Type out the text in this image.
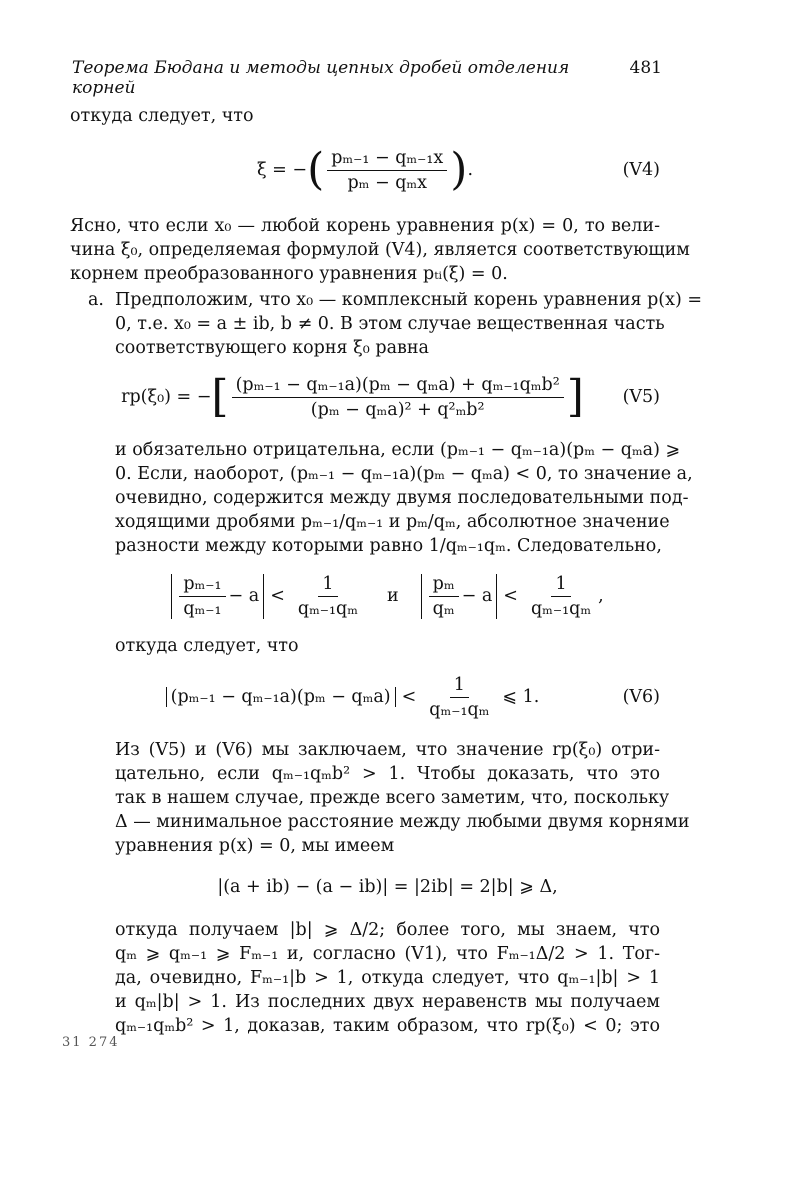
Теорема Бюдана и методы цепных дробей отделения корней
481
откуда следует, что
ξ = − ( $\frac{\text{pₘ₋₁ − qₘ₋₁x}}{\text{pₘ − qₘx}}$ ) .	(V4)
Ясно, что если x₀ — любой корень уравнения p(x) = 0, то вели-
чина ξ₀, определяемая формулой (V4), является соответствующим
корнем преобразованного уравнения pₜᵢ(ξ) = 0.
a. Предположим, что x₀ — комплексный корень уравнения p(x) =
0, т.е. x₀ = a ± ib, b ≠ 0. В этом случае вещественная часть
соответствующего корня ξ₀ равна
rp(ξ₀) = − [ $\frac{\text{(pₘ₋₁ − qₘ₋₁a)(pₘ − qₘa) + qₘ₋₁qₘb²}}{\text{(pₘ − qₘa)² + q²ₘb²}}$ ] (V5)
и обязательно отрицательна, если (pₘ₋₁ − qₘ₋₁a)(pₘ − qₘa) ⩾
0. Если, наоборот, (pₘ₋₁ − qₘ₋₁a)(pₘ − qₘa) < 0, то значение a,
очевидно, содержится между двумя последовательными под-
ходящими дробями pₘ₋₁/qₘ₋₁ и pₘ/qₘ, абсолютное значение
разности между которыми равно 1/qₘ₋₁qₘ. Следовательно,
$\frac{\text{pₘ₋₁}}{\text{qₘ₋₁}} - a < \frac{1}{\text{qₘ₋₁qₘ}}$ и $\frac{\text{pₘ}}{\text{qₘ}} - a < \frac{1}{\text{qₘ₋₁qₘ}}$ ,
откуда следует, что
$(p_{m-1} - q_{m-1}a)(p_m - q_ma) < \frac{1}{\text{qₘ₋₁qₘ}}$ ⩽ 1.	(V6)
Из (V5) и (V6) мы заключаем, что значение rp(ξ₀) отри-
цательно, если qₘ₋₁qₘb² > 1. Чтобы доказать, что это
так в нашем случае, прежде всего заметим, что, поскольку
Δ — минимальное расстояние между любыми двумя корнями
уравнения p(x) = 0, мы имеем
|(a + ib) − (a − ib)| = |2ib| = 2|b| ⩾ Δ,
откуда получаем |b| ⩾ Δ/2; более того, мы знаем, что
qₘ ⩾ qₘ₋₁ ⩾ Fₘ₋₁ и, согласно (V1), что Fₘ₋₁Δ/2 > 1. Тог-
да, очевидно, Fₘ₋₁|b > 1, откуда следует, что qₘ₋₁|b| > 1
и qₘ|b| > 1. Из последних двух неравенств мы получаем
qₘ₋₁qₘb² > 1, доказав, таким образом, что rp(ξ₀) < 0; это
31 274
